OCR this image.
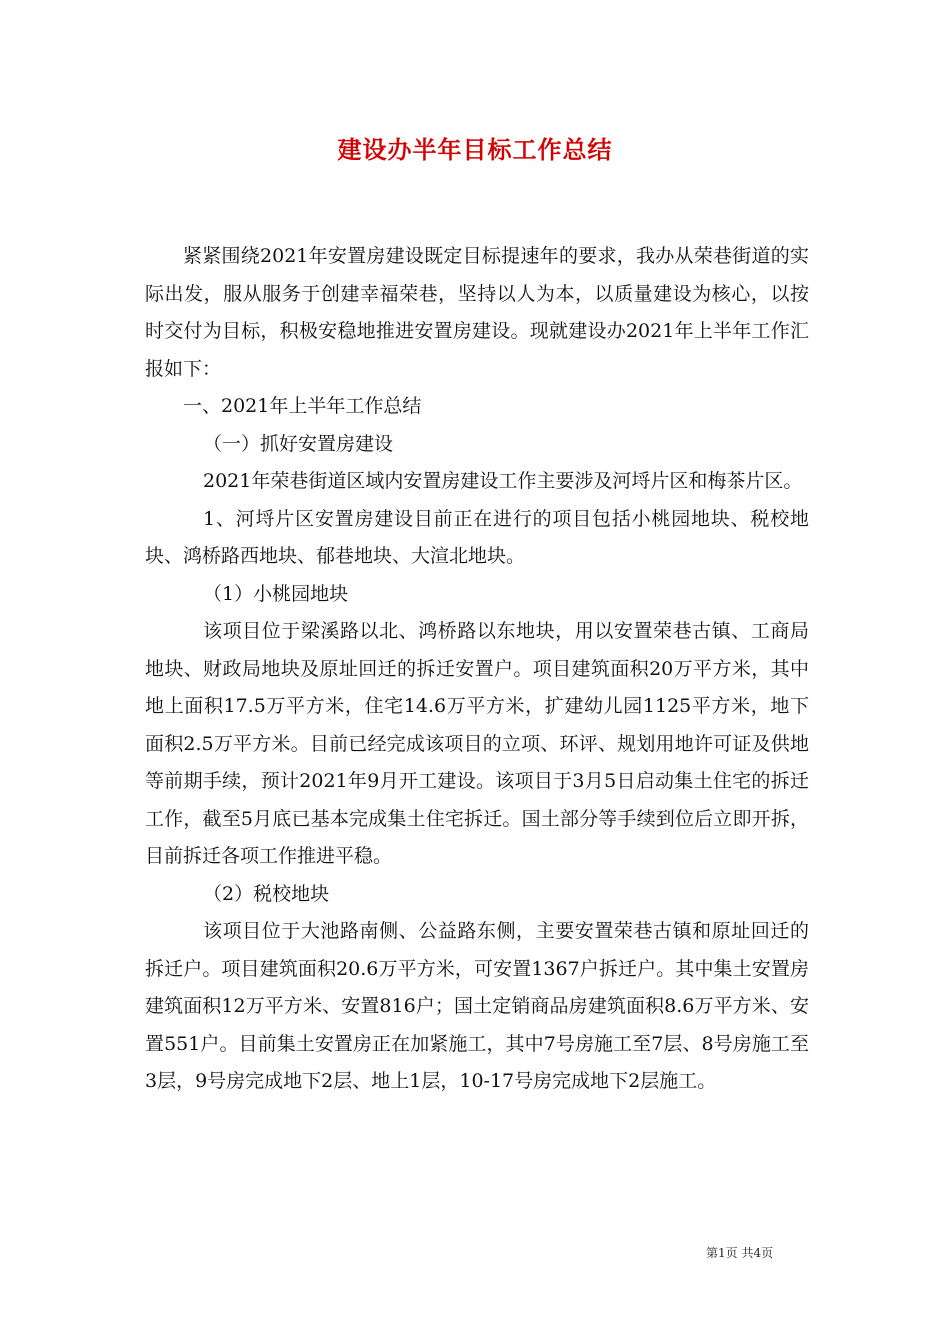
建设办半年目标工作总结

紧紧围绕2021年安置房建设既定目标提速年的要求，我办从荣巷街道的实际出发，服从服务于创建幸福荣巷，坚持以人为本，以质量建设为核心，以按时交付为目标，积极安稳地推进安置房建设。现就建设办2021年上半年工作汇报如下：

一、2021年上半年工作总结

（一）抓好安置房建设

2021年荣巷街道区域内安置房建设工作主要涉及河埒片区和梅茶片区。

1、河埒片区安置房建设目前正在进行的项目包括小桃园地块、税校地块、鸿桥路西地块、郁巷地块、大渲北地块。

（1）小桃园地块

该项目位于梁溪路以北、鸿桥路以东地块，用以安置荣巷古镇、工商局地块、财政局地块及原址回迁的拆迁安置户。项目建筑面积20万平方米，其中地上面积17.5万平方米，住宅14.6万平方米，扩建幼儿园1125平方米，地下面积2.5万平方米。目前已经完成该项目的立项、环评、规划用地许可证及供地等前期手续，预计2021年9月开工建设。该项目于3月5日启动集土住宅的拆迁工作，截至5月底已基本完成集土住宅拆迁。国土部分等手续到位后立即开拆，目前拆迁各项工作推进平稳。

（2）税校地块

该项目位于大池路南侧、公益路东侧，主要安置荣巷古镇和原址回迁的拆迁户。项目建筑面积20.6万平方米，可安置1367户拆迁户。其中集土安置房建筑面积12万平方米、安置816户；国土定销商品房建筑面积8.6万平方米、安置551户。目前集土安置房正在加紧施工，其中7号房施工至7层、8号房施工至3层，9号房完成地下2层、地上1层，10-17号房完成地下2层施工。

第1页 共4页
